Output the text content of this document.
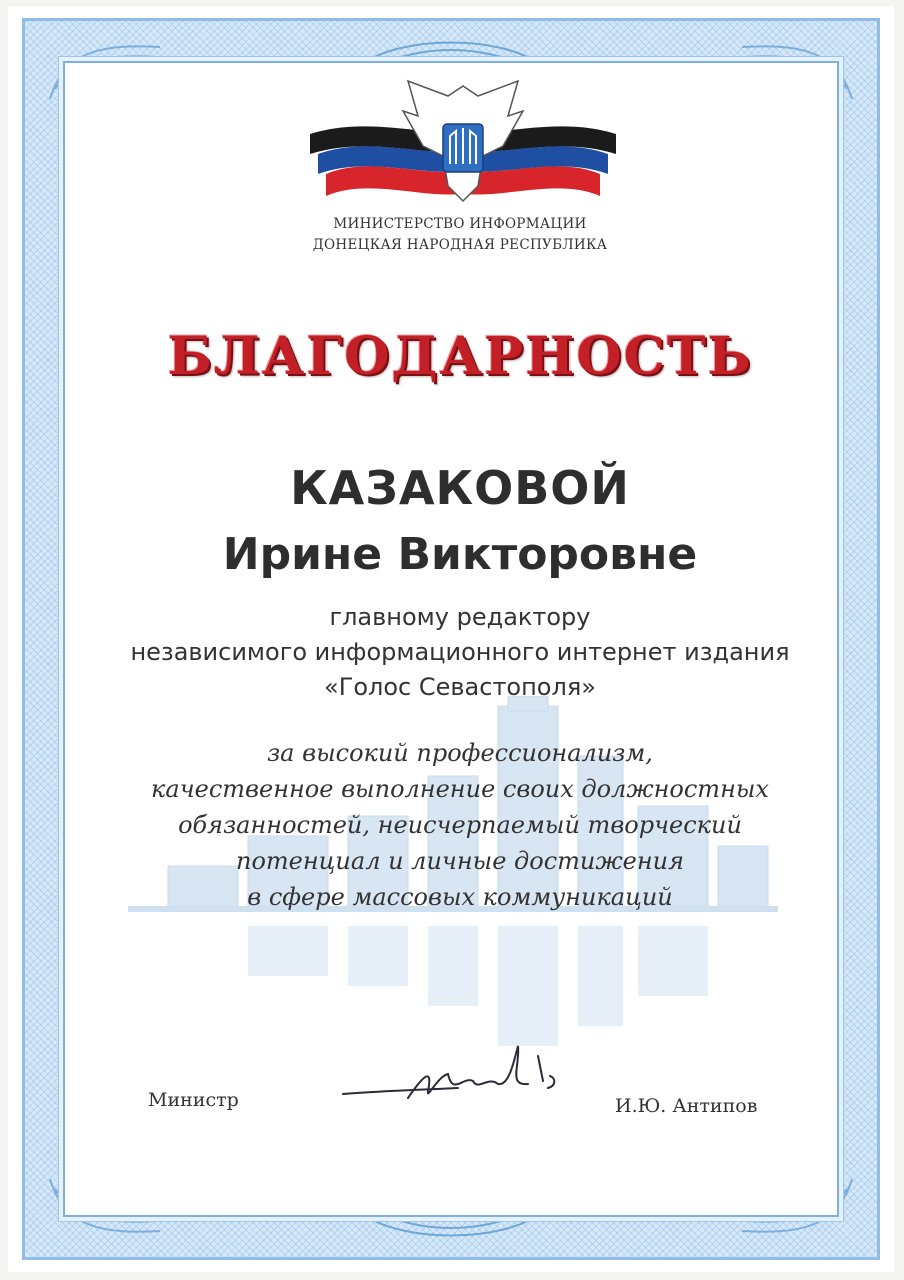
МИНИСТЕРСТВО ИНФОРМАЦИИ
ДОНЕЦКАЯ НАРОДНАЯ РЕСПУБЛИКА
БЛАГОДАРНОСТЬ
КАЗАКОВОЙ
Ирине Викторовне
главному редактору
независимого информационного интернет издания
«Голос Севастополя»
за высокий профессионализм,
качественное выполнение своих должностных
обязанностей, неисчерпаемый творческий
потенциал и личные достижения
в сфере массовых коммуникаций
Министр	И.Ю. Антипов
